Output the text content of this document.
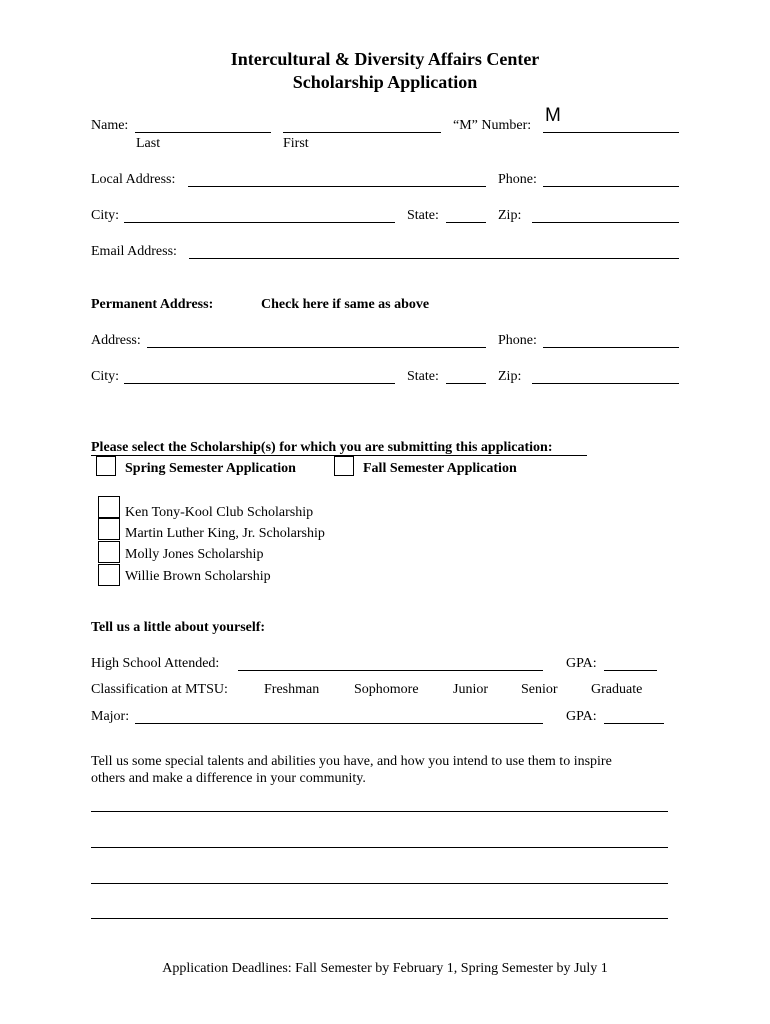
Intercultural & Diversity Affairs Center
Scholarship Application
Name:
Last	First
“M” Number: M
Local Address:	Phone:
City:	State:	Zip:
Email Address:
Permanent Address:	Check here if same as above
Address:	Phone:
City:	State:	Zip:
Please select the Scholarship(s) for which you are submitting this application:
Spring Semester Application	Fall Semester Application
Ken Tony-Kool Club Scholarship
Martin Luther King, Jr. Scholarship
Molly Jones Scholarship
Willie Brown Scholarship
Tell us a little about yourself:
High School Attended:	GPA:
Classification at MTSU:	Freshman Sophomore Junior Senior Graduate
Major:	GPA:
Tell us some special talents and abilities you have, and how you intend to use them to inspire
others and make a difference in your community.
Application Deadlines: Fall Semester by February 1, Spring Semester by July 1
